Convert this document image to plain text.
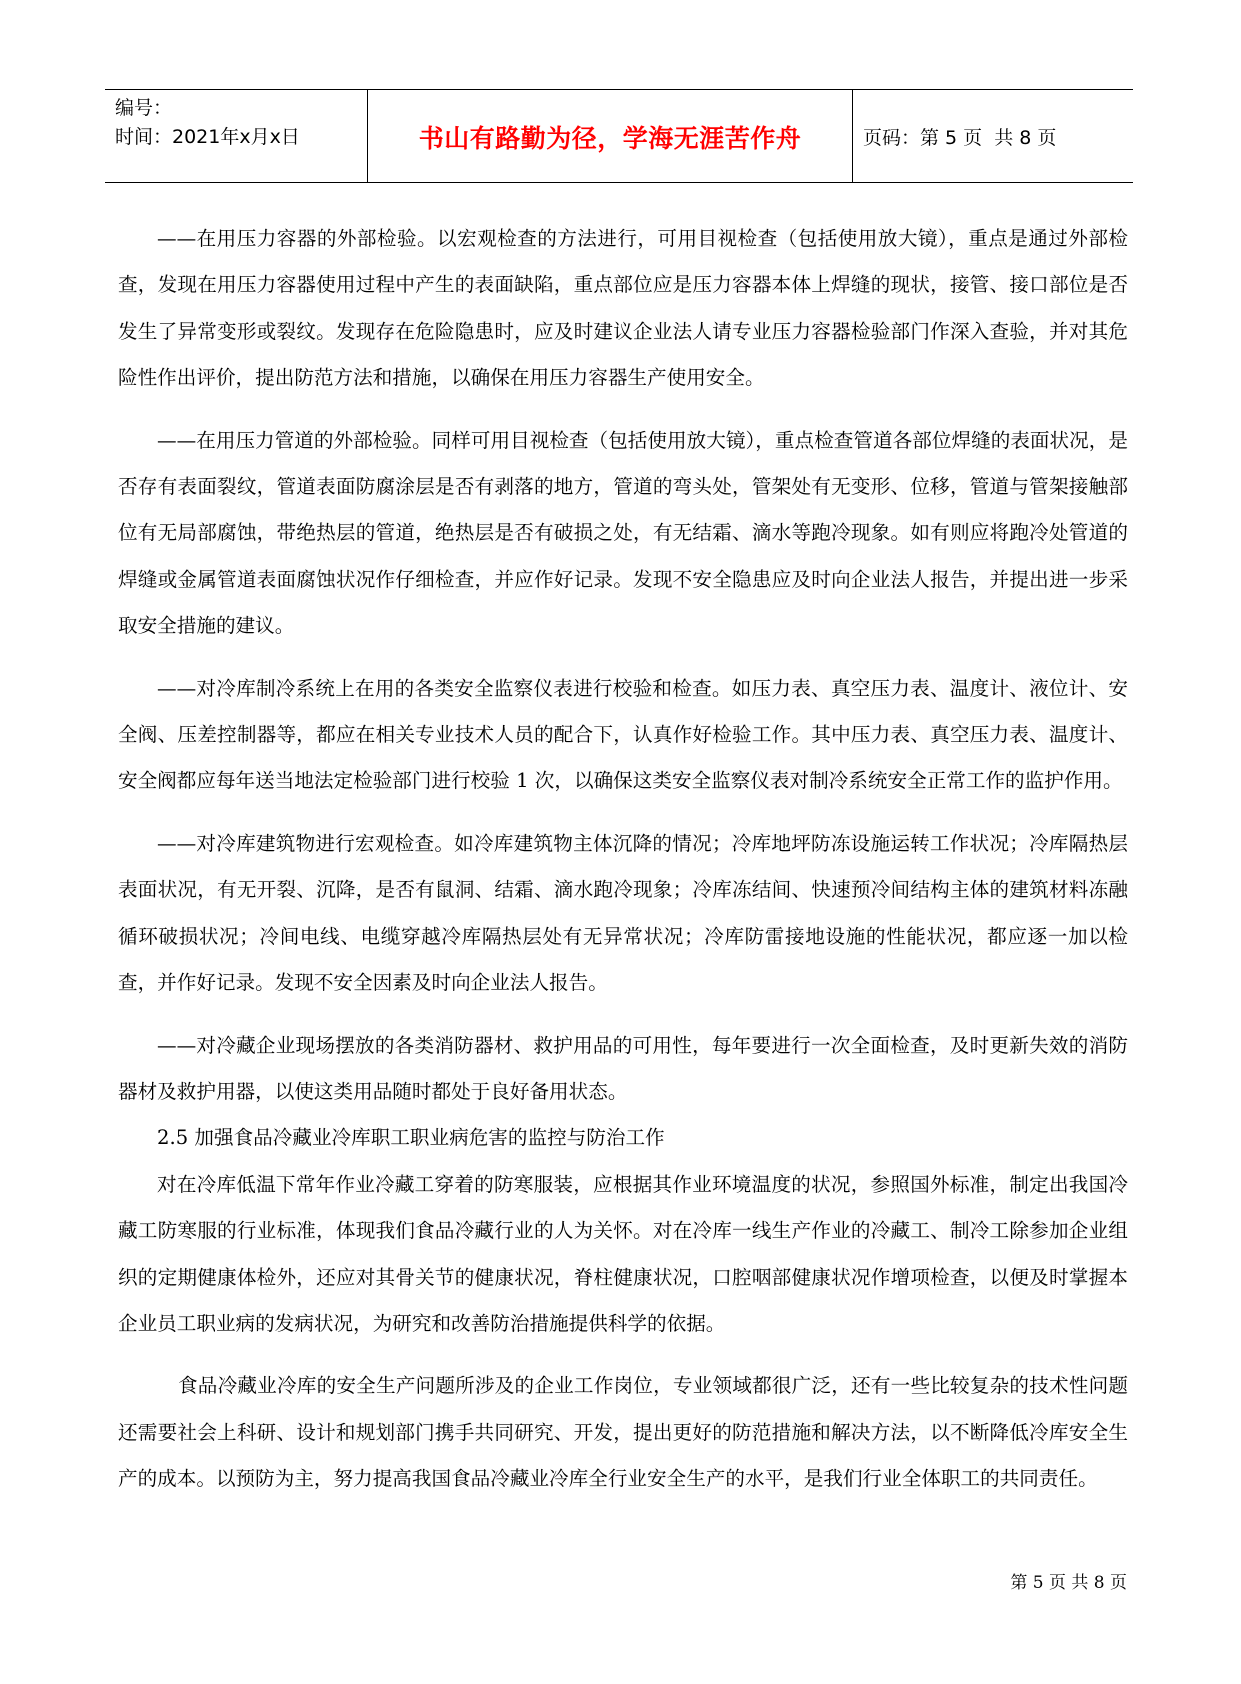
编号：
时间：2021年x月x日	书山有路勤为径，学海无涯苦作舟	页码：第 5 页  共 8 页

——在用压力容器的外部检验。以宏观检查的方法进行，可用目视检查（包括使用放大镜），重点是通过外部检查，发现在用压力容器使用过程中产生的表面缺陷，重点部位应是压力容器本体上焊缝的现状，接管、接口部位是否发生了异常变形或裂纹。发现存在危险隐患时，应及时建议企业法人请专业压力容器检验部门作深入查验，并对其危险性作出评价，提出防范方法和措施，以确保在用压力容器生产使用安全。

——在用压力管道的外部检验。同样可用目视检查（包括使用放大镜），重点检查管道各部位焊缝的表面状况，是否存有表面裂纹，管道表面防腐涂层是否有剥落的地方，管道的弯头处，管架处有无变形、位移，管道与管架接触部位有无局部腐蚀，带绝热层的管道，绝热层是否有破损之处，有无结霜、滴水等跑冷现象。如有则应将跑冷处管道的焊缝或金属管道表面腐蚀状况作仔细检查，并应作好记录。发现不安全隐患应及时向企业法人报告，并提出进一步采取安全措施的建议。

——对冷库制冷系统上在用的各类安全监察仪表进行校验和检查。如压力表、真空压力表、温度计、液位计、安全阀、压差控制器等，都应在相关专业技术人员的配合下，认真作好检验工作。其中压力表、真空压力表、温度计、安全阀都应每年送当地法定检验部门进行校验 1 次，以确保这类安全监察仪表对制冷系统安全正常工作的监护作用。

——对冷库建筑物进行宏观检查。如冷库建筑物主体沉降的情况；冷库地坪防冻设施运转工作状况；冷库隔热层表面状况，有无开裂、沉降，是否有鼠洞、结霜、滴水跑冷现象；冷库冻结间、快速预冷间结构主体的建筑材料冻融循环破损状况；冷间电线、电缆穿越冷库隔热层处有无异常状况；冷库防雷接地设施的性能状况，都应逐一加以检查，并作好记录。发现不安全因素及时向企业法人报告。

——对冷藏企业现场摆放的各类消防器材、救护用品的可用性，每年要进行一次全面检查，及时更新失效的消防器材及救护用器，以使这类用品随时都处于良好备用状态。

2.5 加强食品冷藏业冷库职工职业病危害的监控与防治工作

对在冷库低温下常年作业冷藏工穿着的防寒服装，应根据其作业环境温度的状况，参照国外标准，制定出我国冷藏工防寒服的行业标准，体现我们食品冷藏行业的人为关怀。对在冷库一线生产作业的冷藏工、制冷工除参加企业组织的定期健康体检外，还应对其骨关节的健康状况，脊柱健康状况，口腔咽部健康状况作增项检查，以便及时掌握本企业员工职业病的发病状况，为研究和改善防治措施提供科学的依据。

食品冷藏业冷库的安全生产问题所涉及的企业工作岗位，专业领域都很广泛，还有一些比较复杂的技术性问题还需要社会上科研、设计和规划部门携手共同研究、开发，提出更好的防范措施和解决方法，以不断降低冷库安全生产的成本。以预防为主，努力提高我国食品冷藏业冷库全行业安全生产的水平，是我们行业全体职工的共同责任。

第 5 页 共 8 页
